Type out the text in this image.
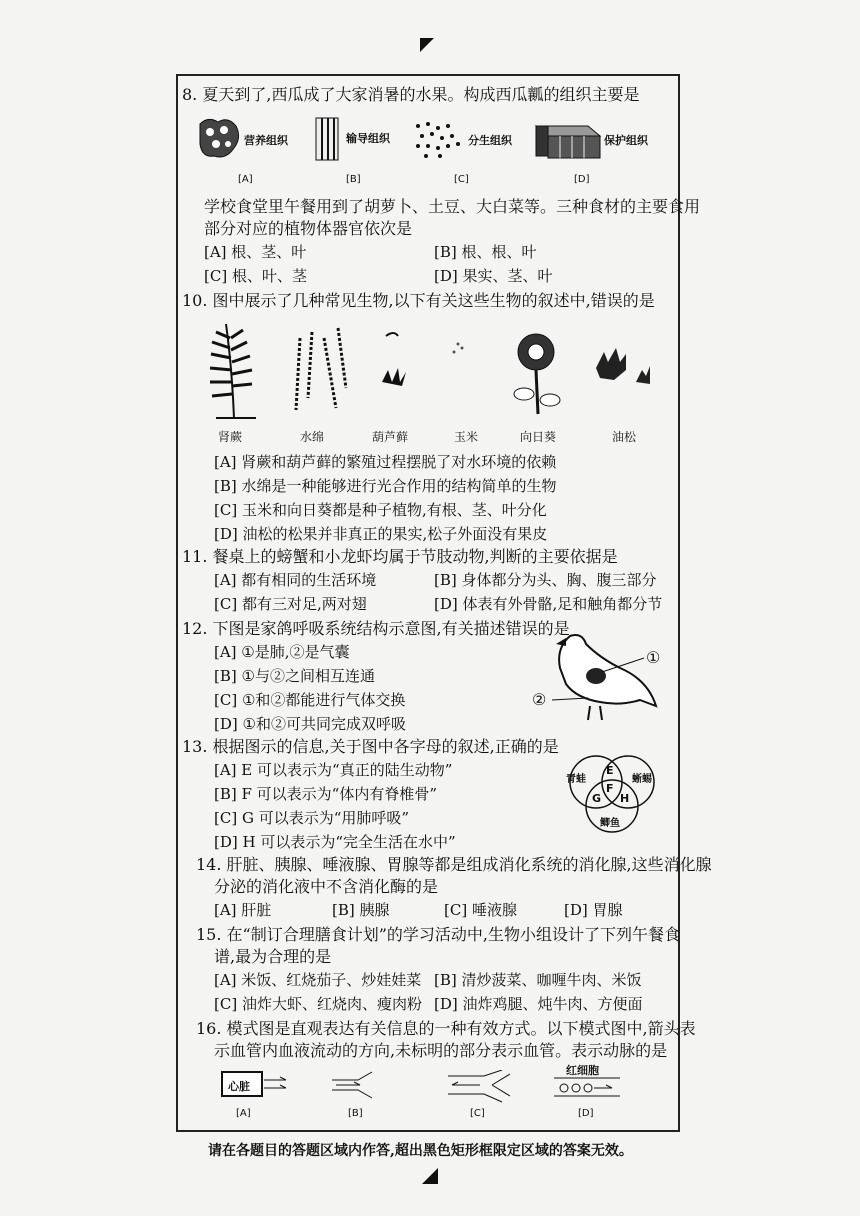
8. 夏天到了,西瓜成了大家消暑的水果。构成西瓜瓤的组织主要是
营养组织	输导组织	分生组织	保护组织
[A]	[B]	[C]	[D]
学校食堂里午餐用到了胡萝卜、土豆、大白菜等。三种食材的主要食用
部分对应的植物体器官依次是
[A] 根、茎、叶	[B] 根、根、叶
[C] 根、叶、茎	[D] 果实、茎、叶
10. 图中展示了几种常见生物,以下有关这些生物的叙述中,错误的是
肾蕨	水绵	葫芦藓	玉米	向日葵	油松
[A] 肾蕨和葫芦藓的繁殖过程摆脱了对水环境的依赖
[B] 水绵是一种能够进行光合作用的结构简单的生物
[C] 玉米和向日葵都是种子植物,有根、茎、叶分化
[D] 油松的松果并非真正的果实,松子外面没有果皮
11. 餐桌上的螃蟹和小龙虾均属于节肢动物,判断的主要依据是
[A] 都有相同的生活环境	[B] 身体都分为头、胸、腹三部分
[C] 都有三对足,两对翅	[D] 体表有外骨骼,足和触角都分节
12. 下图是家鸽呼吸系统结构示意图,有关描述错误的是
[A] ①是肺,②是气囊
[B] ①与②之间相互连通
[C] ①和②都能进行气体交换
[D] ①和②可共同完成双呼吸
①
②
13. 根据图示的信息,关于图中各字母的叙述,正确的是
[A] E 可以表示为“真正的陆生动物”
[B] F 可以表示为“体内有脊椎骨”
[C] G 可以表示为“用肺呼吸”
[D] H 可以表示为“完全生活在水中”
青蛙	蜥蜴
鲫鱼
E
F
G H
14. 肝脏、胰腺、唾液腺、胃腺等都是组成消化系统的消化腺,这些消化腺
分泌的消化液中不含消化酶的是
[A] 肝脏	[B] 胰腺	[C] 唾液腺	[D] 胃腺
15. 在“制订合理膳食计划”的学习活动中,生物小组设计了下列午餐食
谱,最为合理的是
[A] 米饭、红烧茄子、炒娃娃菜 [B] 清炒菠菜、咖喱牛肉、米饭
[C] 油炸大虾、红烧肉、瘦肉粉 [D] 油炸鸡腿、炖牛肉、方便面
16. 模式图是直观表达有关信息的一种有效方式。以下模式图中,箭头表
示血管内血液流动的方向,未标明的部分表示血管。表示动脉的是
红细胞
心脏
[A]	[B]	[C]	[D]
请在各题目的答题区域内作答,超出黑色矩形框限定区域的答案无效。
